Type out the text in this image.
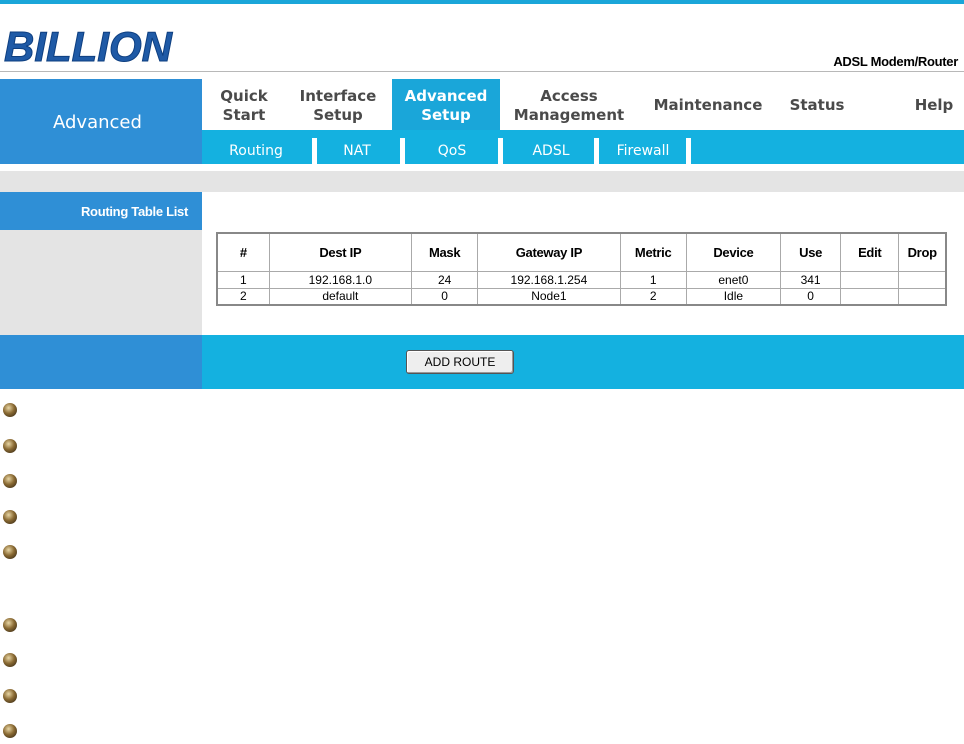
BILLION	ADSL Modem/Router
Advanced
Quick
Start
Interface
Setup
Advanced
Setup
Access
Management
Maintenance	Status	Help
Routing	NAT	QoS	ADSL	Firewall
Routing Table List
#	Dest IP	Mask	Gateway IP	Metric	Device	Use	Edit	Drop
1	192.168.1.0	24	192.168.1.254	1	enet0	341		
2	default	0	Node1	2	Idle	0		
ADD ROUTE
